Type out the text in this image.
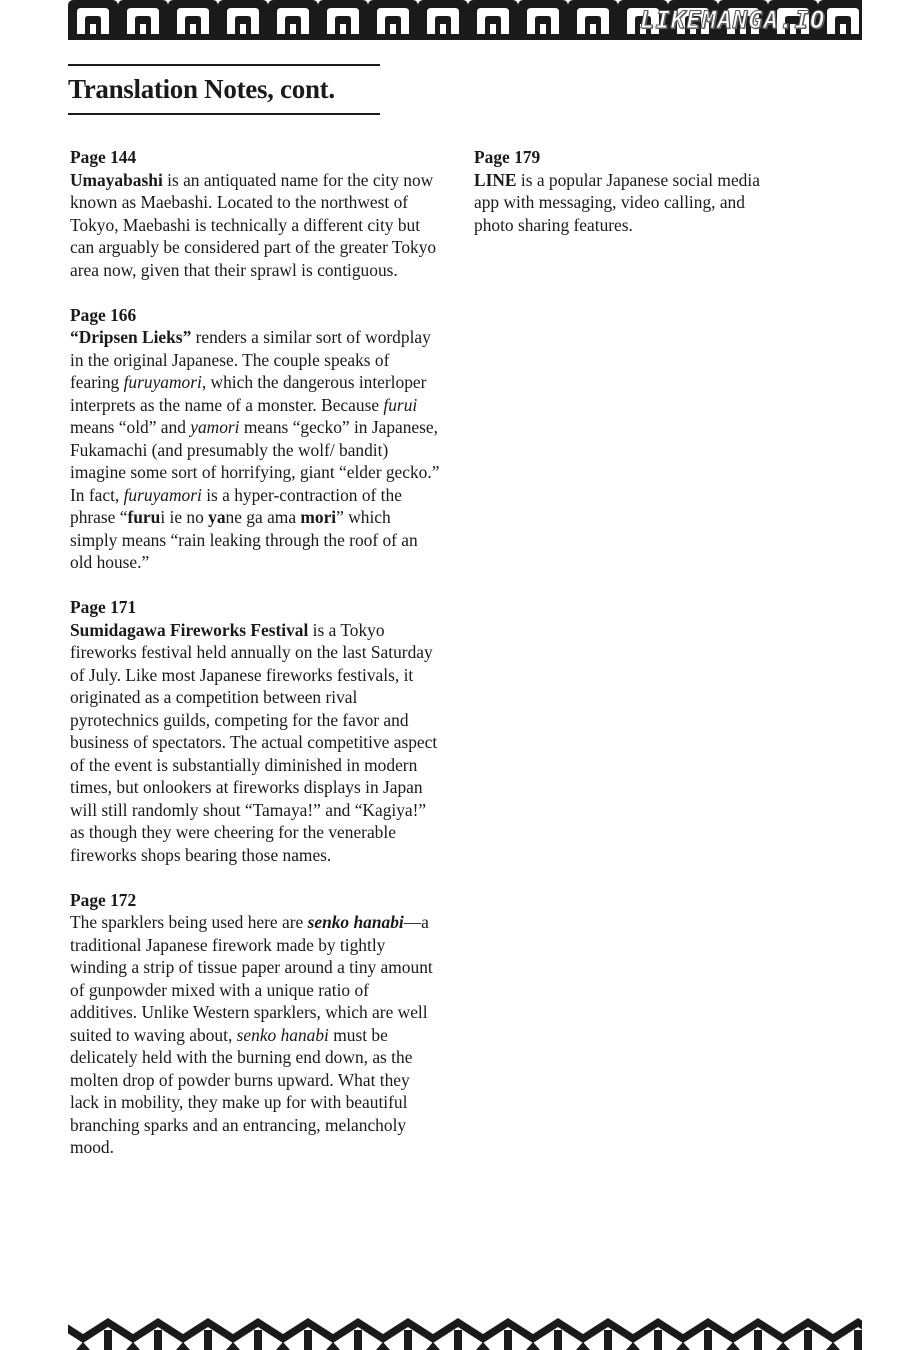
LIKEMANGA.IO
Translation Notes, cont.
Page 144
Umayabashi is an antiquated name for the city now known as Maebashi. Located to the northwest of Tokyo, Maebashi is technically a different city but can arguably be considered part of the greater Tokyo area now, given that their sprawl is contiguous.
Page 166
“Dripsen Lieks” renders a similar sort of wordplay in the original Japanese. The couple speaks of fearing furuyamori, which the dangerous interloper interprets as the name of a monster. Because furui means “old” and yamori means “gecko” in Japanese, Fukamachi (and presumably the wolf/ bandit) imagine some sort of horrifying, giant “elder gecko.” In fact, furuyamori is a hyper-contraction of the phrase “furui ie no yane ga ama mori” which simply means “rain leaking through the roof of an old house.”
Page 171
Sumidagawa Fireworks Festival is a Tokyo fireworks festival held annually on the last Saturday of July. Like most Japanese fireworks festivals, it originated as a competition between rival pyrotechnics guilds, competing for the favor and business of spectators. The actual competitive aspect of the event is substantially diminished in modern times, but onlookers at fireworks displays in Japan will still randomly shout “Tamaya!” and “Kagiya!” as though they were cheering for the venerable fireworks shops bearing those names.
Page 172
The sparklers being used here are senko hanabi—a traditional Japanese firework made by tightly winding a strip of tissue paper around a tiny amount of gunpowder mixed with a unique ratio of additives. Unlike Western sparklers, which are well suited to waving about, senko hanabi must be delicately held with the burning end down, as the molten drop of powder burns upward. What they lack in mobility, they make up for with beautiful branching sparks and an entrancing, melancholy mood.
Page 179
LINE is a popular Japanese social media app with messaging, video calling, and photo sharing features.
